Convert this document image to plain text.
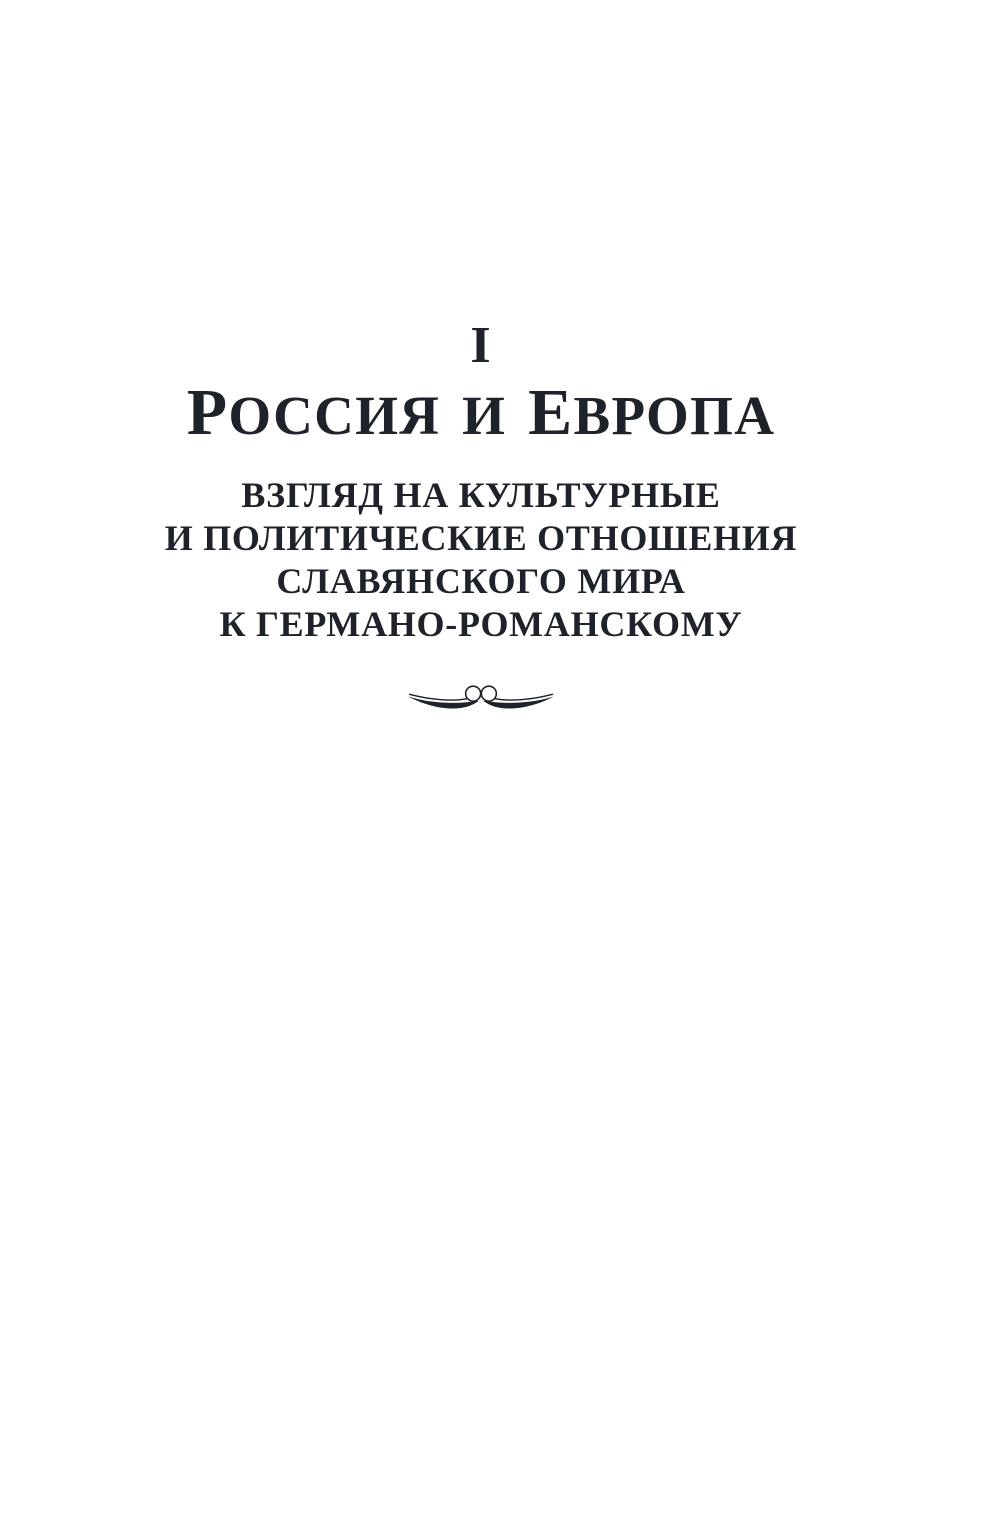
I
РОССИЯ И ЕВРОПА
ВЗГЛЯД НА КУЛЬТУРНЫЕ
И ПОЛИТИЧЕСКИЕ ОТНОШЕНИЯ
СЛАВЯНСКОГО МИРА
К ГЕРМАНО-РОМАНСКОМУ
